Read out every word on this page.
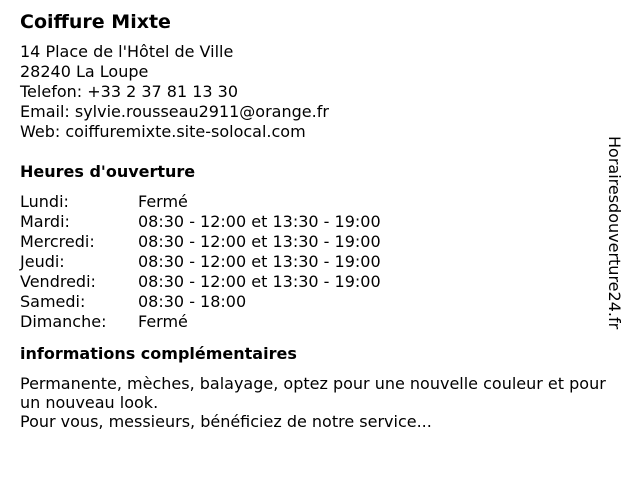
Coiffure Mixte
14 Place de l'Hôtel de Ville
28240 La Loupe
Telefon: +33 2 37 81 13 30
Email: sylvie.rousseau2911@orange.fr
Web: coiffuremixte.site-solocal.com
Heures d'ouverture
Lundi:	Fermé
Mardi:	08:30 - 12:00 et 13:30 - 19:00
Mercredi:	08:30 - 12:00 et 13:30 - 19:00
Jeudi:	08:30 - 12:00 et 13:30 - 19:00
Vendredi:	08:30 - 12:00 et 13:30 - 19:00
Samedi:	08:30 - 18:00
Dimanche:	Fermé
informations complémentaires
Permanente, mèches, balayage, optez pour une nouvelle couleur et pour un nouveau look.
Pour vous, messieurs, bénéficiez de notre service...
Horairesdouverture24.fr
